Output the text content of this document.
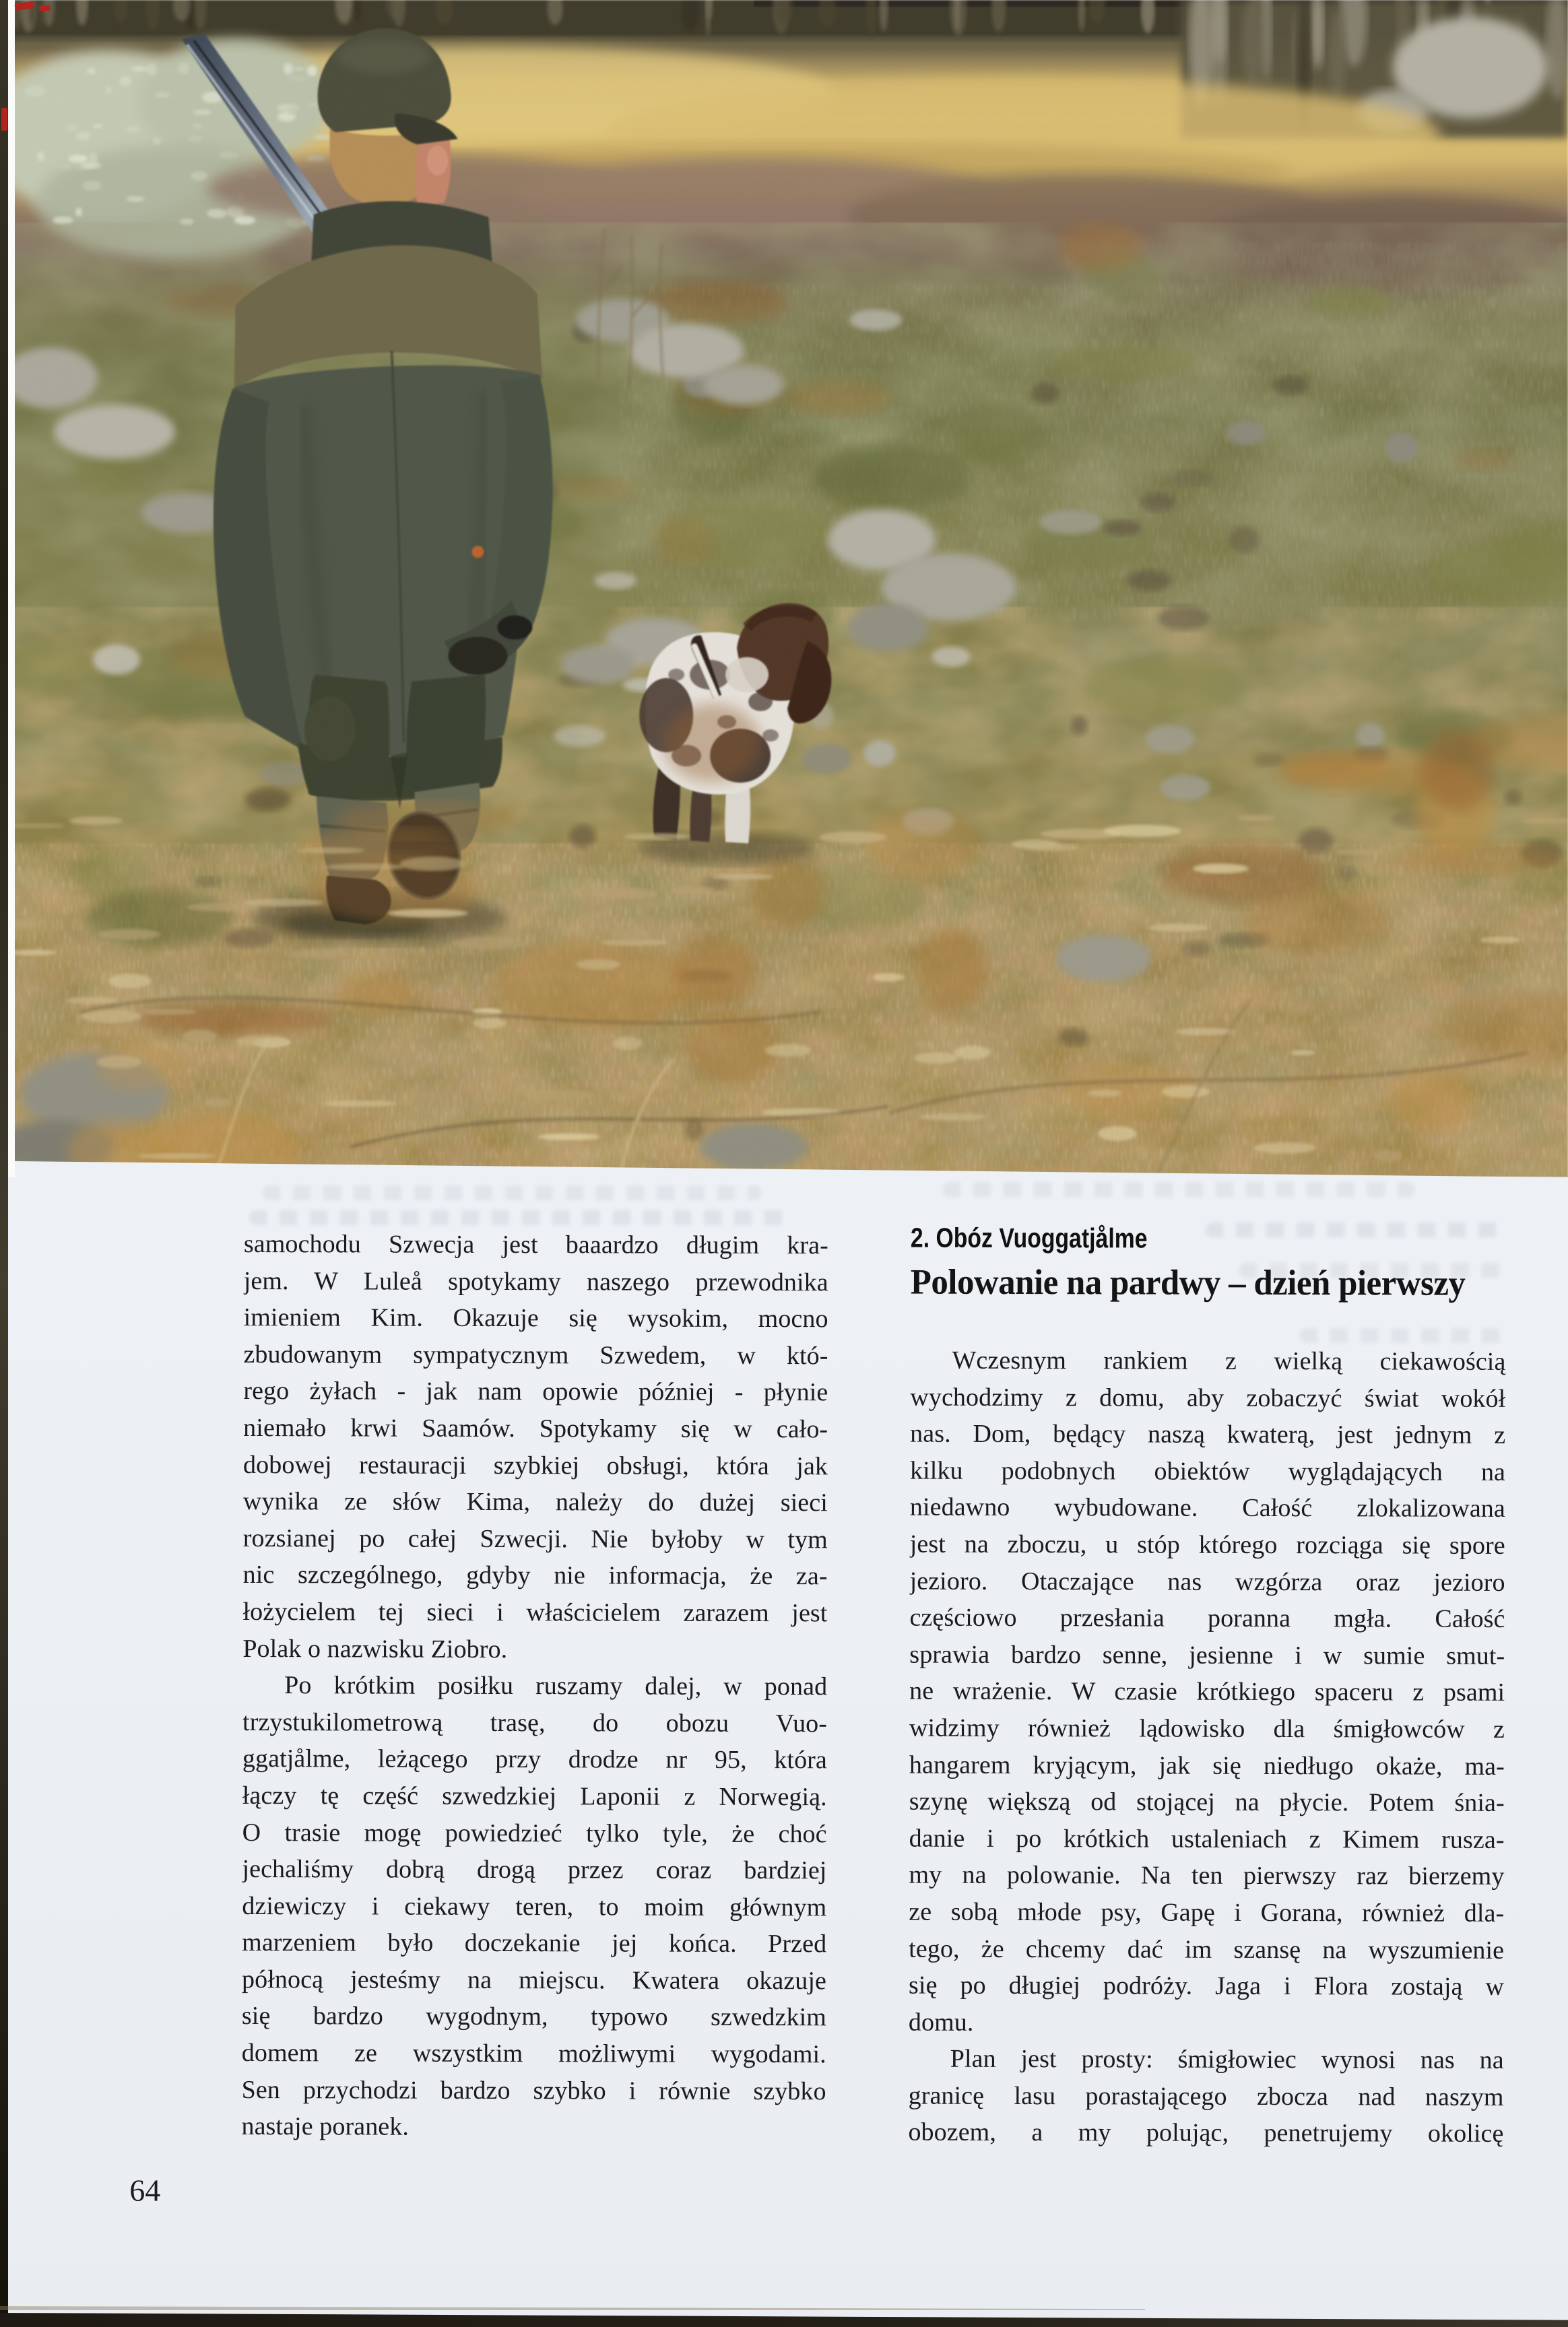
samochodu Szwecja jest baaardzo długim kra-
jem. W Luleå spotykamy naszego przewodnika
imieniem Kim. Okazuje się wysokim, mocno
zbudowanym sympatycznym Szwedem, w któ-
rego żyłach - jak nam opowie później - płynie
niemało krwi Saamów. Spotykamy się w cało-
dobowej restauracji szybkiej obsługi, która jak
wynika ze słów Kima, należy do dużej sieci
rozsianej po całej Szwecji. Nie byłoby w tym
nic szczególnego, gdyby nie informacja, że za-
łożycielem tej sieci i właścicielem zarazem jest
Polak o nazwisku Ziobro.
Po krótkim posiłku ruszamy dalej, w ponad
trzystukilometrową trasę, do obozu Vuo-
ggatjålme, leżącego przy drodze nr 95, która
łączy tę część szwedzkiej Laponii z Norwegią.
O trasie mogę powiedzieć tylko tyle, że choć
jechaliśmy dobrą drogą przez coraz bardziej
dziewiczy i ciekawy teren, to moim głównym
marzeniem było doczekanie jej końca. Przed
północą jesteśmy na miejscu. Kwatera okazuje
się bardzo wygodnym, typowo szwedzkim
domem ze wszystkim możliwymi wygodami.
Sen przychodzi bardzo szybko i równie szybko
nastaje poranek.
2. Obóz Vuoggatjålme
Polowanie na pardwy – dzień pierwszy
Wczesnym rankiem z wielką ciekawością
wychodzimy z domu, aby zobaczyć świat wokół
nas. Dom, będący naszą kwaterą, jest jednym z
kilku podobnych obiektów wyglądających na
niedawno wybudowane. Całość zlokalizowana
jest na zboczu, u stóp którego rozciąga się spore
jezioro. Otaczające nas wzgórza oraz jezioro
częściowo przesłania poranna mgła. Całość
sprawia bardzo senne, jesienne i w sumie smut-
ne wrażenie. W czasie krótkiego spaceru z psami
widzimy również lądowisko dla śmigłowców z
hangarem kryjącym, jak się niedługo okaże, ma-
szynę większą od stojącej na płycie. Potem śnia-
danie i po krótkich ustaleniach z Kimem rusza-
my na polowanie. Na ten pierwszy raz bierzemy
ze sobą młode psy, Gapę i Gorana, również dla-
tego, że chcemy dać im szansę na wyszumienie
się po długiej podróży. Jaga i Flora zostają w
domu.
Plan jest prosty: śmigłowiec wynosi nas na
granicę lasu porastającego zbocza nad naszym
obozem, a my polując, penetrujemy okolicę
64
